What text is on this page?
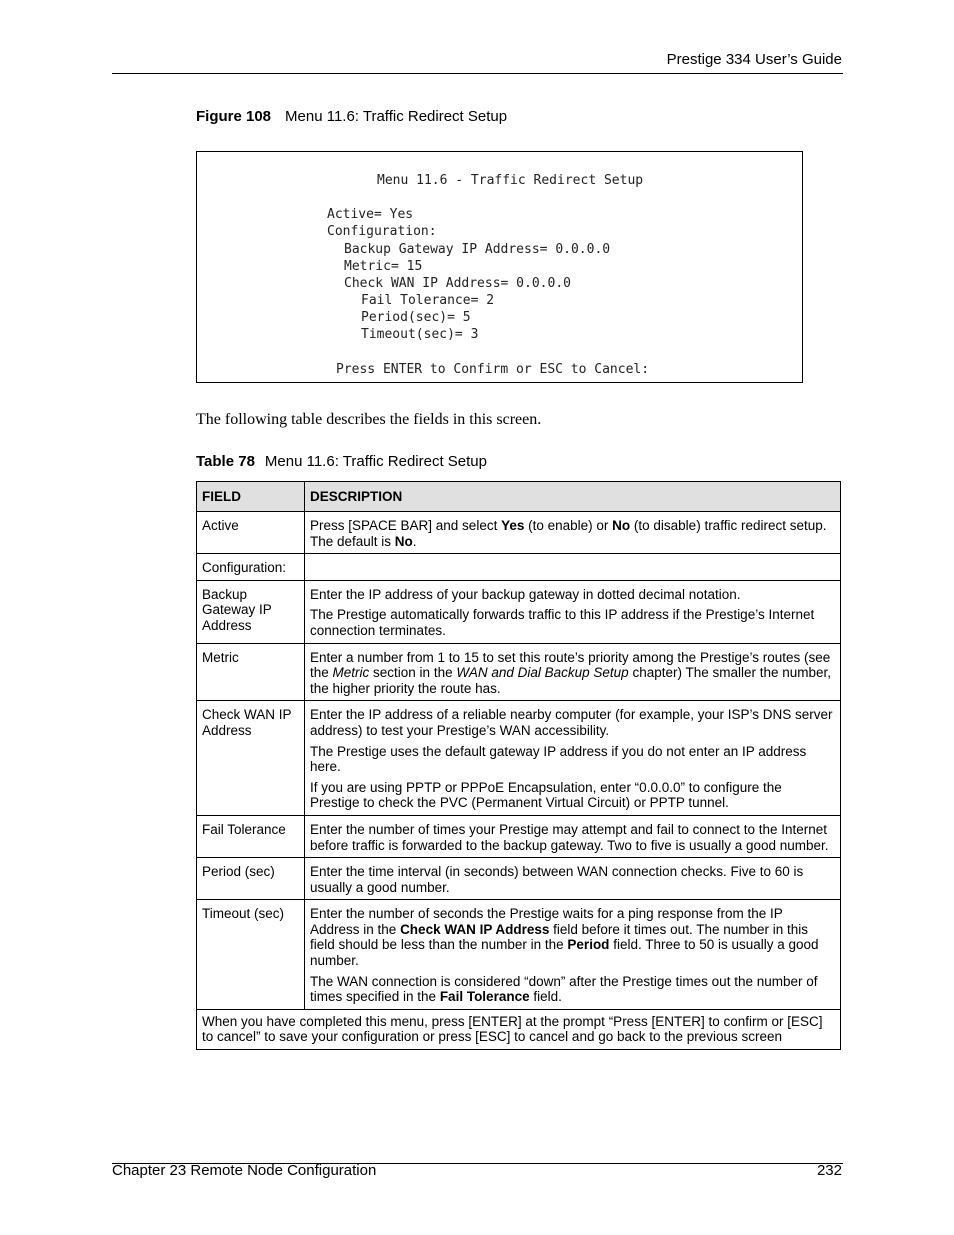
Prestige 334 User’s Guide
Figure 108 Menu 11.6: Traffic Redirect Setup
Menu 11.6 - Traffic Redirect Setup
Active= Yes
Configuration:
Backup Gateway IP Address= 0.0.0.0
Metric= 15
Check WAN IP Address= 0.0.0.0
Fail Tolerance= 2
Period(sec)= 5
Timeout(sec)= 3
Press ENTER to Confirm or ESC to Cancel:
The following table describes the fields in this screen.
Table 78 Menu 11.6: Traffic Redirect Setup
FIELD	DESCRIPTION
Active	Press [SPACE BAR] and select Yes (to enable) or No (to disable) traffic redirect setup. The default is No.

Configuration:	
Backup Gateway IP Address	Enter the IP address of your backup gateway in dotted decimal notation.

The Prestige automatically forwards traffic to this IP address if the Prestige’s Internet connection terminates.

Metric	Enter a number from 1 to 15 to set this route’s priority among the Prestige’s routes (see the Metric section in the WAN and Dial Backup Setup chapter) The smaller the number, the higher priority the route has.

Check WAN IP Address	Enter the IP address of a reliable nearby computer (for example, your ISP’s DNS server address) to test your Prestige’s WAN accessibility.

The Prestige uses the default gateway IP address if you do not enter an IP address here.

If you are using PPTP or PPPoE Encapsulation, enter “0.0.0.0” to configure the Prestige to check the PVC (Permanent Virtual Circuit) or PPTP tunnel.

Fail Tolerance	Enter the number of times your Prestige may attempt and fail to connect to the Internet before traffic is forwarded to the backup gateway. Two to five is usually a good number.

Period (sec)	Enter the time interval (in seconds) between WAN connection checks. Five to 60 is usually a good number.

Timeout (sec)	Enter the number of seconds the Prestige waits for a ping response from the IP Address in the Check WAN IP Address field before it times out. The number in this field should be less than the number in the Period field. Three to 50 is usually a good number.

The WAN connection is considered “down” after the Prestige times out the number of times specified in the Fail Tolerance field.

When you have completed this menu, press [ENTER] at the prompt “Press [ENTER] to confirm or [ESC] to cancel” to save your configuration or press [ESC] to cancel and go back to the previous screen	
Chapter 23 Remote Node Configuration	232
